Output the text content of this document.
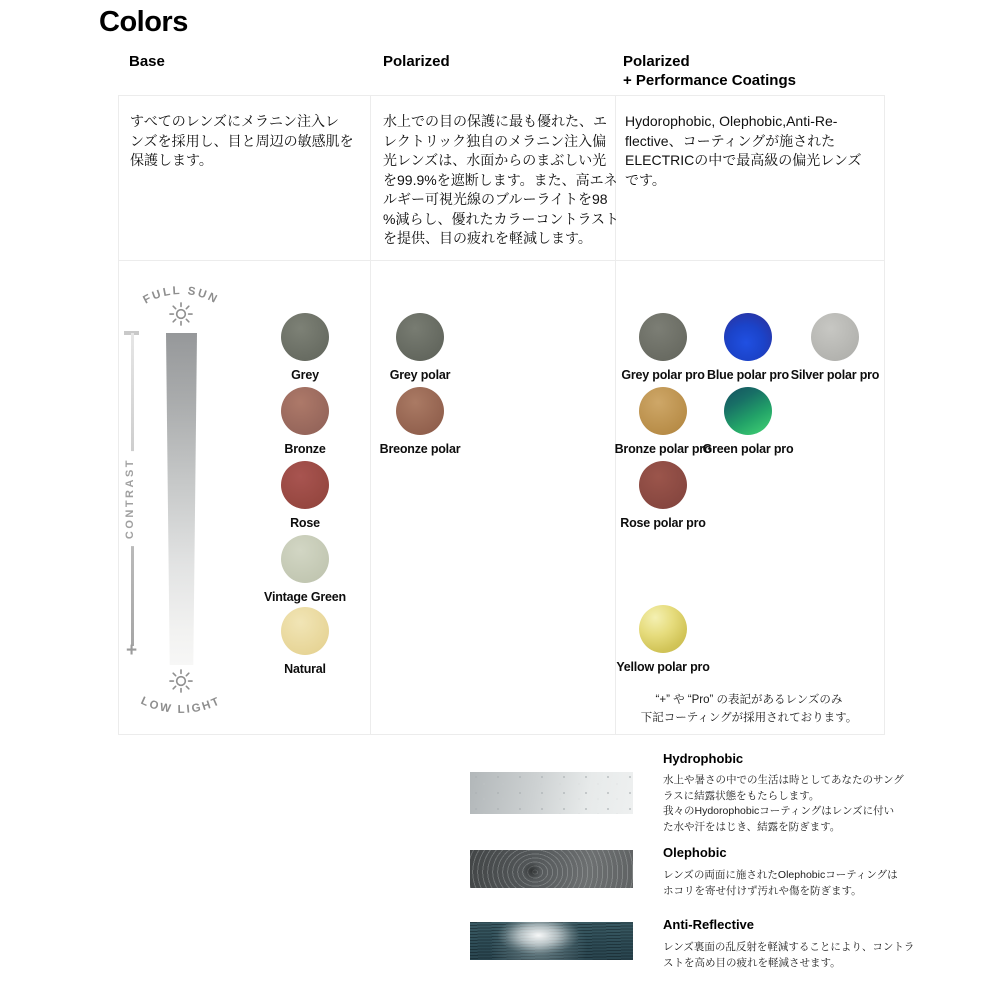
Colors
Base	Polarized	Polarized
+ Performance Coatings
すべてのレンズにメラニン注入レ
ンズを採用し、目と周辺の敏感肌を
保護します。
水上での目の保護に最も優れた、エ
レクトリック独自のメラニン注入偏
光レンズは、水面からのまぶしい光
を99.9%を遮断します。また、高エネ
ルギー可視光線のブルーライトを98
%減らし、優れたカラーコントラスト
を提供、目の疲れを軽減します。
Hydorophobic, Olephobic,Anti-Re-
flective、コーティングが施された
ELECTRICの中で最高級の偏光レンズ
です。
FULL SUN
CONTRAST
+
LOW LIGHT
Grey
Bronze
Rose
Vintage Green
Natural
Grey polar
Breonze polar
Grey polar pro Blue polar pro Silver polar pro
Bronze polar pro
Green polar pro
Rose polar pro
Yellow polar pro
“+” や “Pro” の表記があるレンズのみ
下記コーティングが採用されております。
Hydrophobic
水上や暑さの中での生活は時としてあなたのサング
ラスに結露状態をもたらします。
我々のHydorophobicコーティングはレンズに付い
た水や汗をはじき、結露を防ぎます。
Olephobic
レンズの両面に施されたOlephobicコーティングは
ホコリを寄せ付けず汚れや傷を防ぎます。
Anti-Reflective
レンズ裏面の乱反射を軽減することにより、コントラ
ストを高め目の疲れを軽減させます。
